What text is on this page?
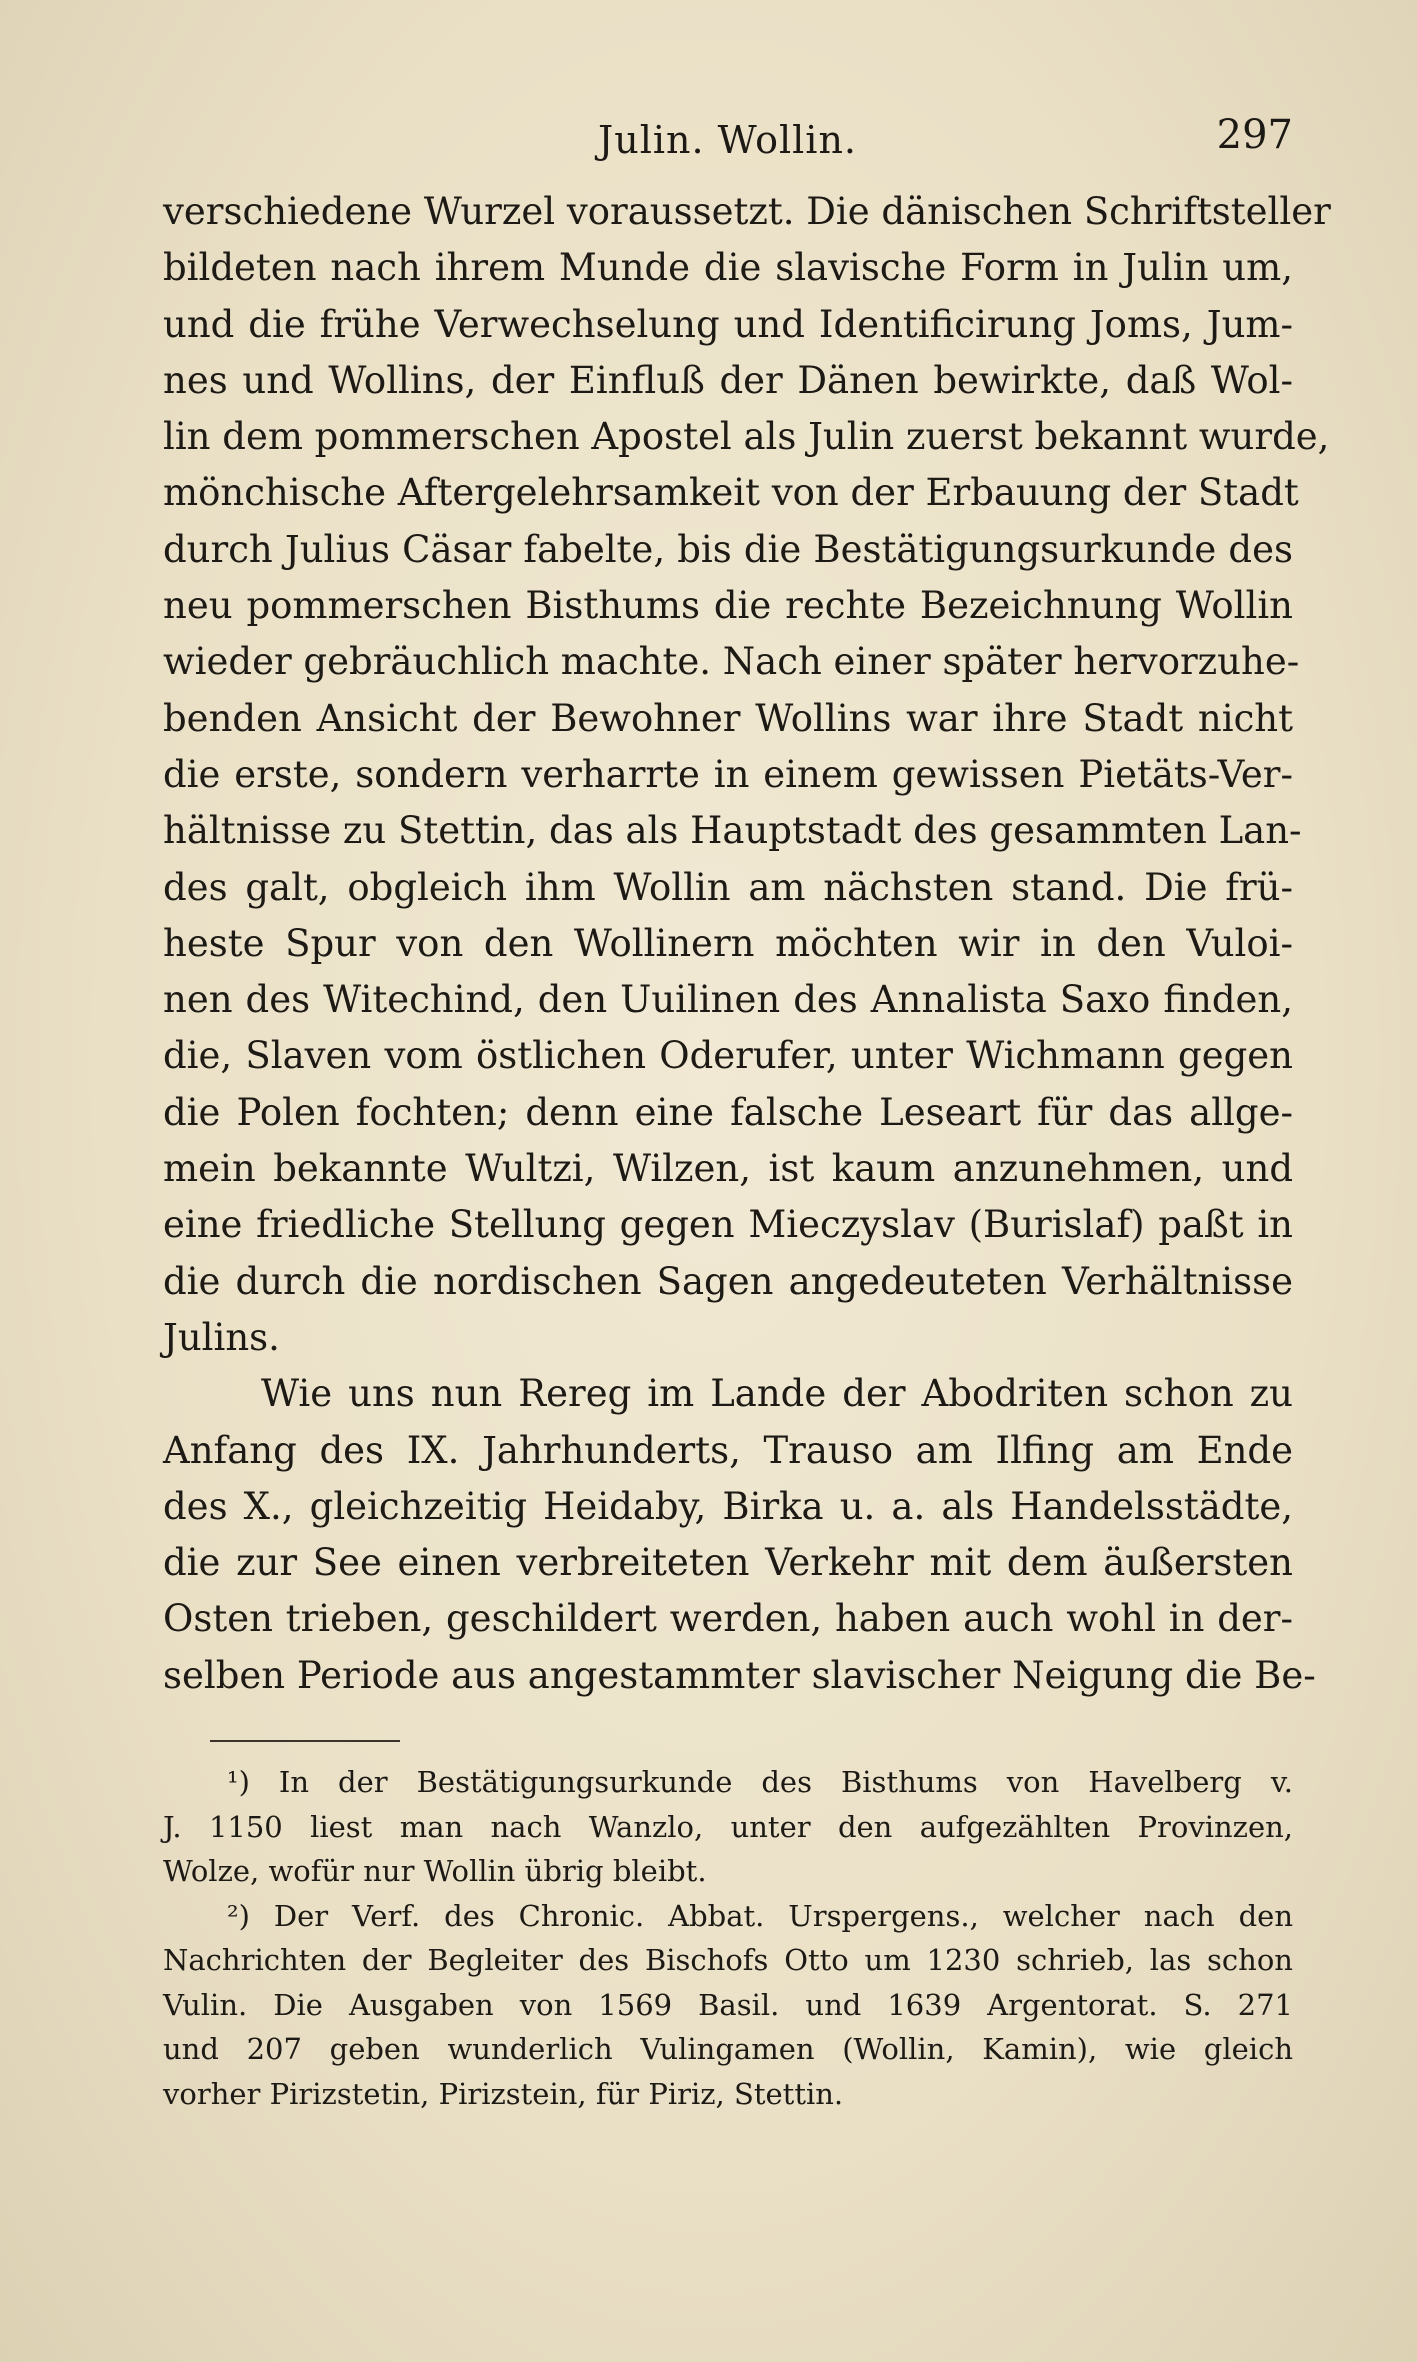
Julin. Wollin.	297
verschiedene Wurzel voraussetzt. Die dänischen Schriftsteller
bildeten nach ihrem Munde die slavische Form in Julin um,
und die frühe Verwechselung und Identificirung Joms, Jum-
nes und Wollins, der Einfluß der Dänen bewirkte, daß Wol-
lin dem pommerschen Apostel als Julin zuerst bekannt wurde,
mönchische Aftergelehrsamkeit von der Erbauung der Stadt
durch Julius Cäsar fabelte, bis die Bestätigungsurkunde des
neu pommerschen Bisthums die rechte Bezeichnung Wollin
wieder gebräuchlich machte. Nach einer später hervorzuhe-
benden Ansicht der Bewohner Wollins war ihre Stadt nicht
die erste, sondern verharrte in einem gewissen Pietäts-Ver-
hältnisse zu Stettin, das als Hauptstadt des gesammten Lan-
des galt, obgleich ihm Wollin am nächsten stand. Die frü-
heste Spur von den Wollinern möchten wir in den Vuloi-
nen des Witechind, den Uuilinen des Annalista Saxo finden,
die, Slaven vom östlichen Oderufer, unter Wichmann gegen
die Polen fochten; denn eine falsche Leseart für das allge-
mein bekannte Wultzi, Wilzen, ist kaum anzunehmen, und
eine friedliche Stellung gegen Mieczyslav (Burislaf) paßt in
die durch die nordischen Sagen angedeuteten Verhältnisse
Julins.
Wie uns nun Rereg im Lande der Abodriten schon zu
Anfang des IX. Jahrhunderts, Trauso am Ilfing am Ende
des X., gleichzeitig Heidaby, Birka u. a. als Handelsstädte,
die zur See einen verbreiteten Verkehr mit dem äußersten
Osten trieben, geschildert werden, haben auch wohl in der-
selben Periode aus angestammter slavischer Neigung die Be-
¹) In der Bestätigungsurkunde des Bisthums von Havelberg v.
J. 1150 liest man nach Wanzlo, unter den aufgezählten Provinzen,
Wolze, wofür nur Wollin übrig bleibt.
²) Der Verf. des Chronic. Abbat. Urspergens., welcher nach den
Nachrichten der Begleiter des Bischofs Otto um 1230 schrieb, las schon
Vulin. Die Ausgaben von 1569 Basil. und 1639 Argentorat. S. 271
und 207 geben wunderlich Vulingamen (Wollin, Kamin), wie gleich
vorher Pirizstetin, Pirizstein, für Piriz, Stettin.
